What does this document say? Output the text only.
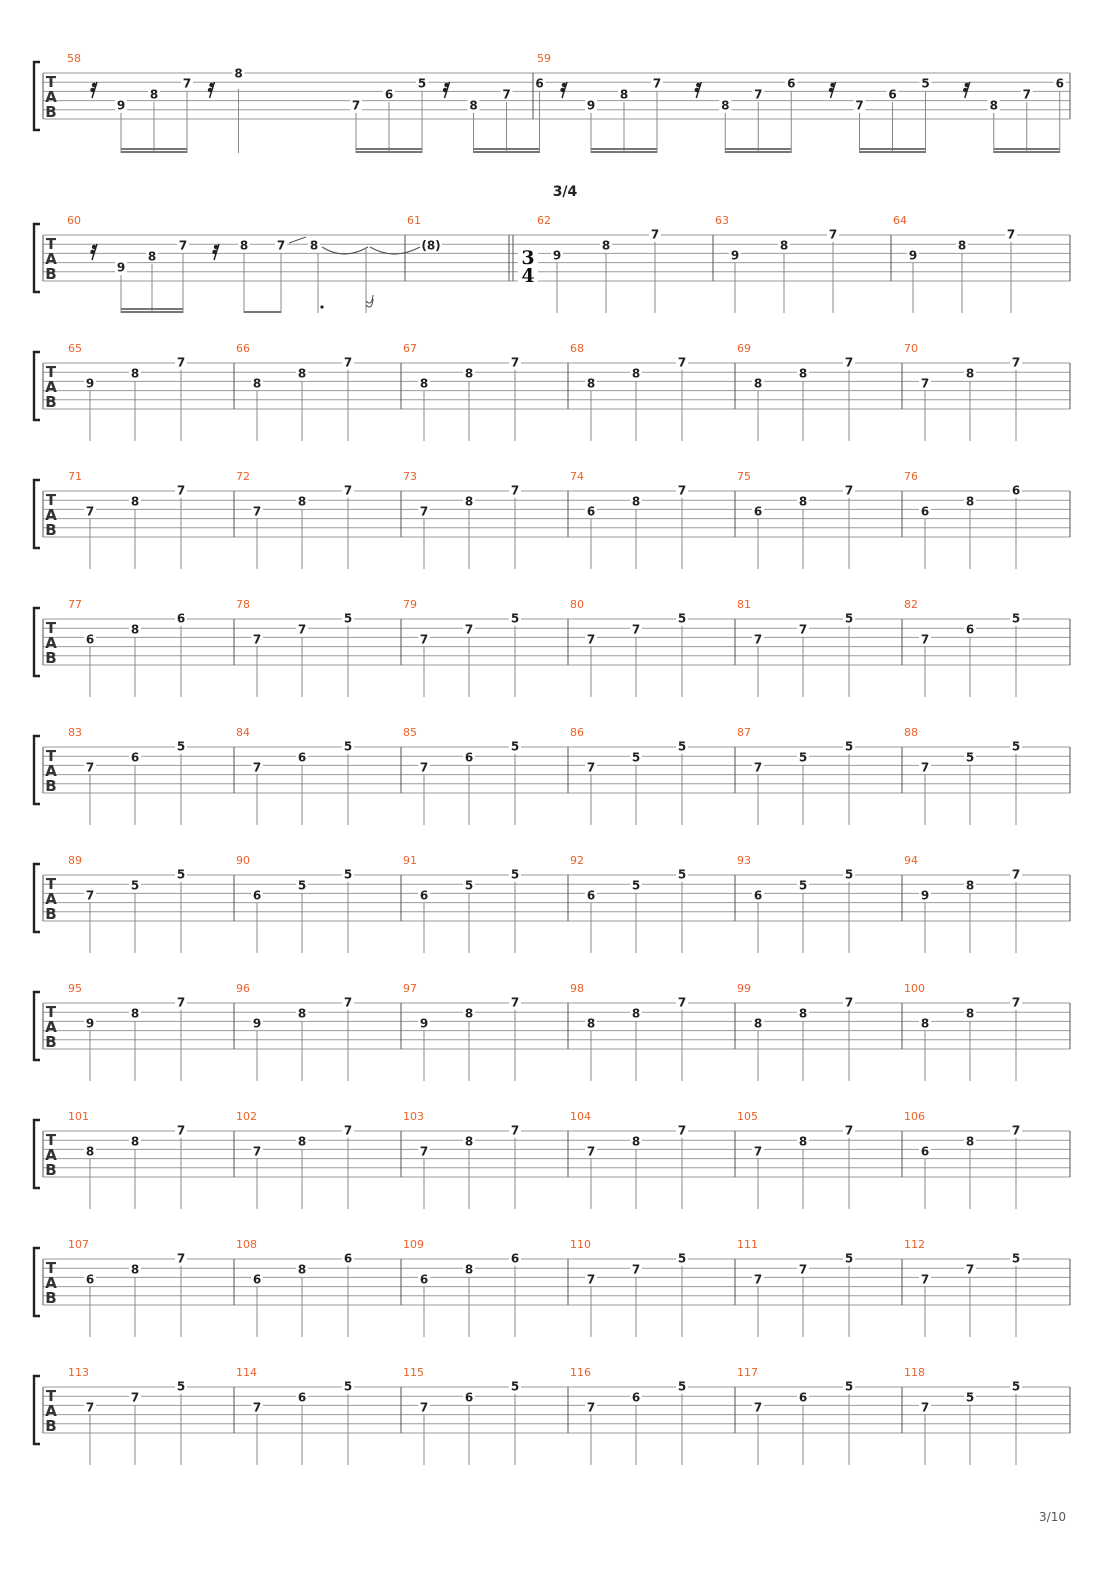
T
A
B
58
9
8
7
8
7
6
5
8
7
6
59
9
8
7
8
7
6
7
6
5
8
7
6
T
A
B
3/4
60
9
8
7	8 7 8
61
(8)
3
4
62
9
8
7
63
9
8
7
64
9
8
7
T
A
B
65
9
8
7
66
8
8
7
67
8
8
7
68
8
8
7
69
8
8
7
70
7
8
7
T
A
B
71
7
8
7
72
7
8
7
73
7
8
7
74
6
8
7
75
6
8
7
76
6
8
6
T
A
B
77
6
8
6
78
7
7
5
79
7
7
5
80
7
7
5
81
7
7
5
82
7
6
5
T
A
B
83
7
6
5
84
7
6
5
85
7
6
5
86
7
5
5
87
7
5
5
88
7
5
5
T
A
B
89
7
5
5
90
6
5
5
91
6
5
5
92
6
5
5
93
6
5
5
94
9
8
7
T
A
B
95
9
8
7
96
9
8
7
97
9
8
7
98
8
8
7
99
8
8
7
100
8
8
7
T
A
B
101
8
8
7
102
7
8
7
103
7
8
7
104
7
8
7
105
7
8
7
106
6
8
7
T
A
B
107
6
8
7
108
6
8
6
109
6
8
6
110
7
7
5
111
7
7
5
112
7
7
5
T
A
B
113
7
7
5
114
7
6
5
115
7
6
5
116
7
6
5
117
7
6
5
118
7
5
5
3/10
